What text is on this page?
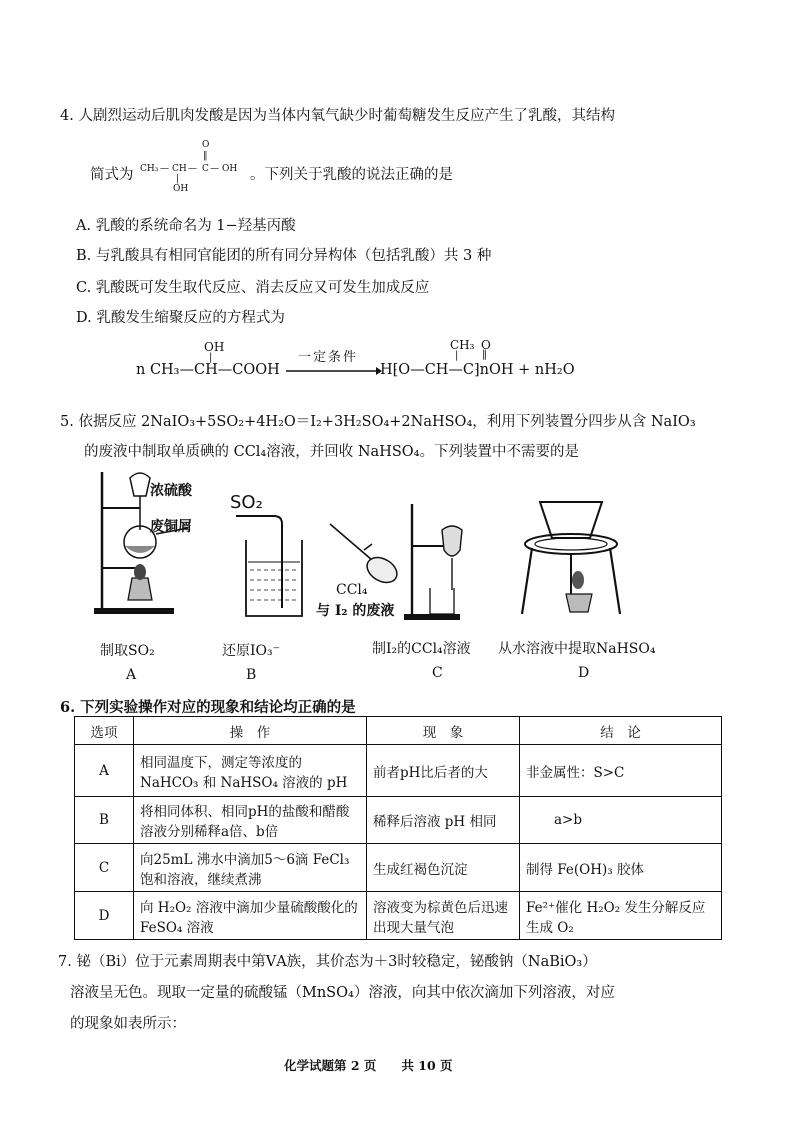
4. 人剧烈运动后肌肉发酸是因为当体内氧气缺少时葡萄糖发生反应产生了乳酸，其结构
简式为 CH₃ — CH — C — OH
O
‖
|
OH
。下列关于乳酸的说法正确的是
A. 乳酸的系统命名为 1−羟基丙酸
B. 与乳酸具有相同官能团的所有同分异构体（包括乳酸）共 3 种
C. 乳酸既可发生取代反应、消去反应又可发生加成反应
D. 乳酸发生缩聚反应的方程式为
n CH₃—CH—COOH
OH
|	一定条件
H⁅O—CH—C⁆nOH + nH₂O
CH₃
|
O
‖
5. 依据反应 2NaIO₃+5SO₂+4H₂O＝I₂+3H₂SO₄+2NaHSO₄，利用下列装置分四步从含 NaIO₃
的废液中制取单质碘的 CCl₄溶液，并回收 NaHSO₄。下列装置中不需要的是
浓硫酸
废铜屑
SO₂
CCl₄
与 I₂ 的废液
制取SO₂	还原IO₃⁻	制I₂的CCl₄溶液 从水溶液中提取NaHSO₄
A	B	C	D
6. 下列实验操作对应的现象和结论均正确的是
选项	操　作	现　象	结　论
A	相同温度下，测定等浓度的 NaHCO₃ 和 NaHSO₄ 溶液的 pH	前者pH比后者的大	非金属性：S>C
B	将相同体积、相同pH的盐酸和醋酸溶液分别稀释a倍、b倍	稀释后溶液 pH 相同	a>b
C	向25mL 沸水中滴加5～6滴 FeCl₃ 饱和溶液，继续煮沸	生成红褐色沉淀	制得 Fe(OH)₃ 胶体
D	向 H₂O₂ 溶液中滴加少量硫酸酸化的 FeSO₄ 溶液	溶液变为棕黄色后迅速出现大量气泡	Fe²⁺催化 H₂O₂ 发生分解反应生成 O₂
7. 铋（Bi）位于元素周期表中第ⅤA族，其价态为＋3时较稳定，铋酸钠（NaBiO₃）
溶液呈无色。现取一定量的硫酸锰（MnSO₄）溶液，向其中依次滴加下列溶液，对应
的现象如表所示：
化学试题第 2 页　　共 10 页
